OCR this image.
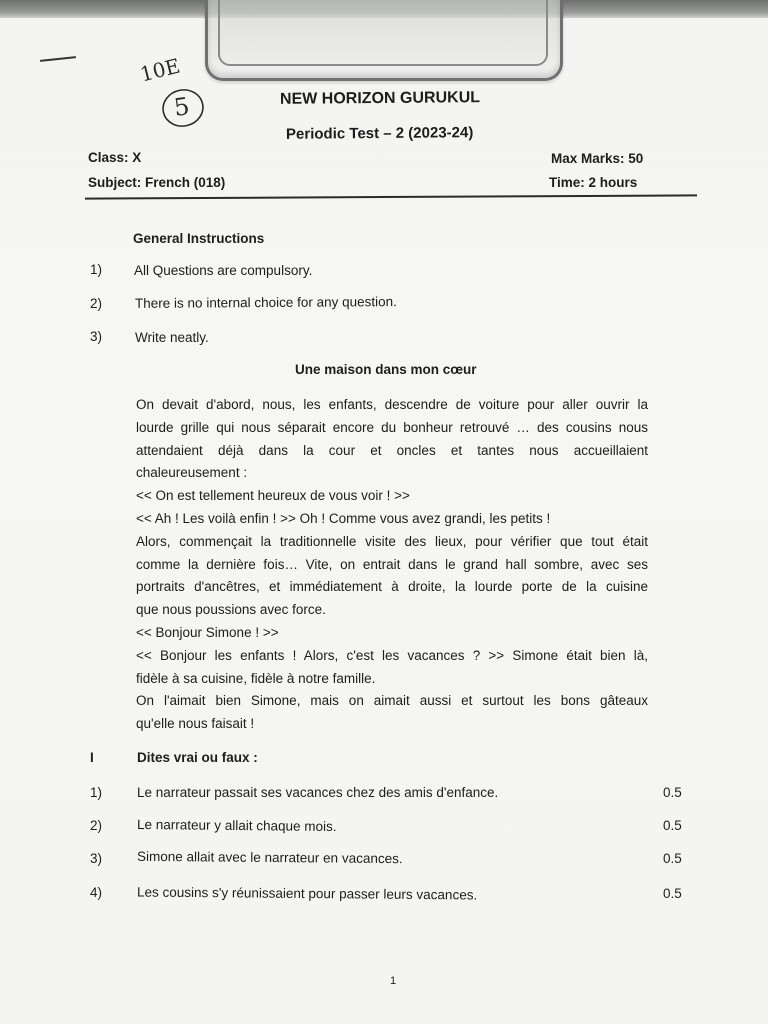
10E
5	NEW HORIZON GURUKUL
Periodic Test – 2 (2023-24)
Class: X	Max Marks: 50
Subject: French (018)	Time: 2 hours
General Instructions
1) All Questions are compulsory.
2) There is no internal choice for any question.
3) Write neatly.
Une maison dans mon cœur
On devait d'abord, nous, les enfants, descendre de voiture pour aller ouvrir la
lourde grille qui nous séparait encore du bonheur retrouvé … des cousins nous
attendaient déjà dans la cour et oncles et tantes nous accueillaient
chaleureusement :
<< On est tellement heureux de vous voir ! >>
<< Ah ! Les voilà enfin ! >> Oh ! Comme vous avez grandi, les petits !
Alors, commençait la traditionnelle visite des lieux, pour vérifier que tout était
comme la dernière fois… Vite, on entrait dans le grand hall sombre, avec ses
portraits d'ancêtres, et immédiatement à droite, la lourde porte de la cuisine
que nous poussions avec force.
<< Bonjour Simone ! >>
<< Bonjour les enfants ! Alors, c'est les vacances ? >> Simone était bien là,
fidèle à sa cuisine, fidèle à notre famille.
On l'aimait bien Simone, mais on aimait aussi et surtout les bons gâteaux
qu'elle nous faisait !
I	Dites vrai ou faux :
1)	Le narrateur passait ses vacances chez des amis d'enfance.	0.5
2)	Le narrateur y allait chaque mois.	0.5
3)	Simone allait avec le narrateur en vacances.	0.5
4)	Les cousins s'y réunissaient pour passer leurs vacances.	0.5
1
